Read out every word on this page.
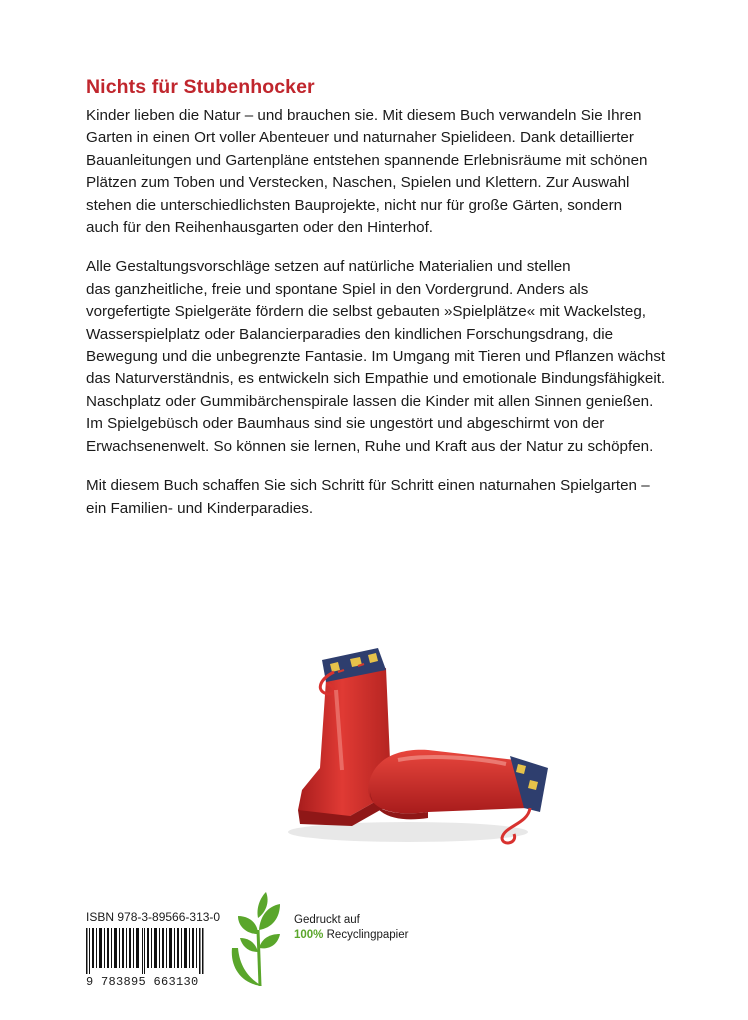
Nichts für Stubenhocker

Kinder lieben die Natur – und brauchen sie. Mit diesem Buch verwandeln Sie Ihren
Garten in einen Ort voller Abenteuer und naturnaher Spielideen. Dank detaillierter
Bauanleitungen und Gartenpläne entstehen spannende Erlebnisräume mit schönen
Plätzen zum Toben und Verstecken, Naschen, Spielen und Klettern. Zur Auswahl
stehen die unterschiedlichsten Bauprojekte, nicht nur für große Gärten, sondern
auch für den Reihenhausgarten oder den Hinterhof.

Alle Gestaltungsvorschläge setzen auf natürliche Materialien und stellen
das ganzheitliche, freie und spontane Spiel in den Vordergrund. Anders als
vorgefertigte Spielgeräte fördern die selbst gebauten »Spielplätze« mit Wackelsteg,
Wasserspielplatz oder Balancierparadies den kindlichen Forschungsdrang, die
Bewegung und die unbegrenzte Fantasie. Im Umgang mit Tieren und Pflanzen wächst
das Naturverständnis, es entwickeln sich Empathie und emotionale Bindungsfähigkeit.
Naschplatz oder Gummibärchenspirale lassen die Kinder mit allen Sinnen genießen.
Im Spielgebüsch oder Baumhaus sind sie ungestört und abgeschirmt von der
Erwachsenenwelt. So können sie lernen, Ruhe und Kraft aus der Natur zu schöpfen.

Mit diesem Buch schaffen Sie sich Schritt für Schritt einen naturnahen Spielgarten –
ein Familien- und Kinderparadies.

ISBN 978-3-89566-313-0
9 783895 663130
Gedruckt auf
100% Recyclingpapier
